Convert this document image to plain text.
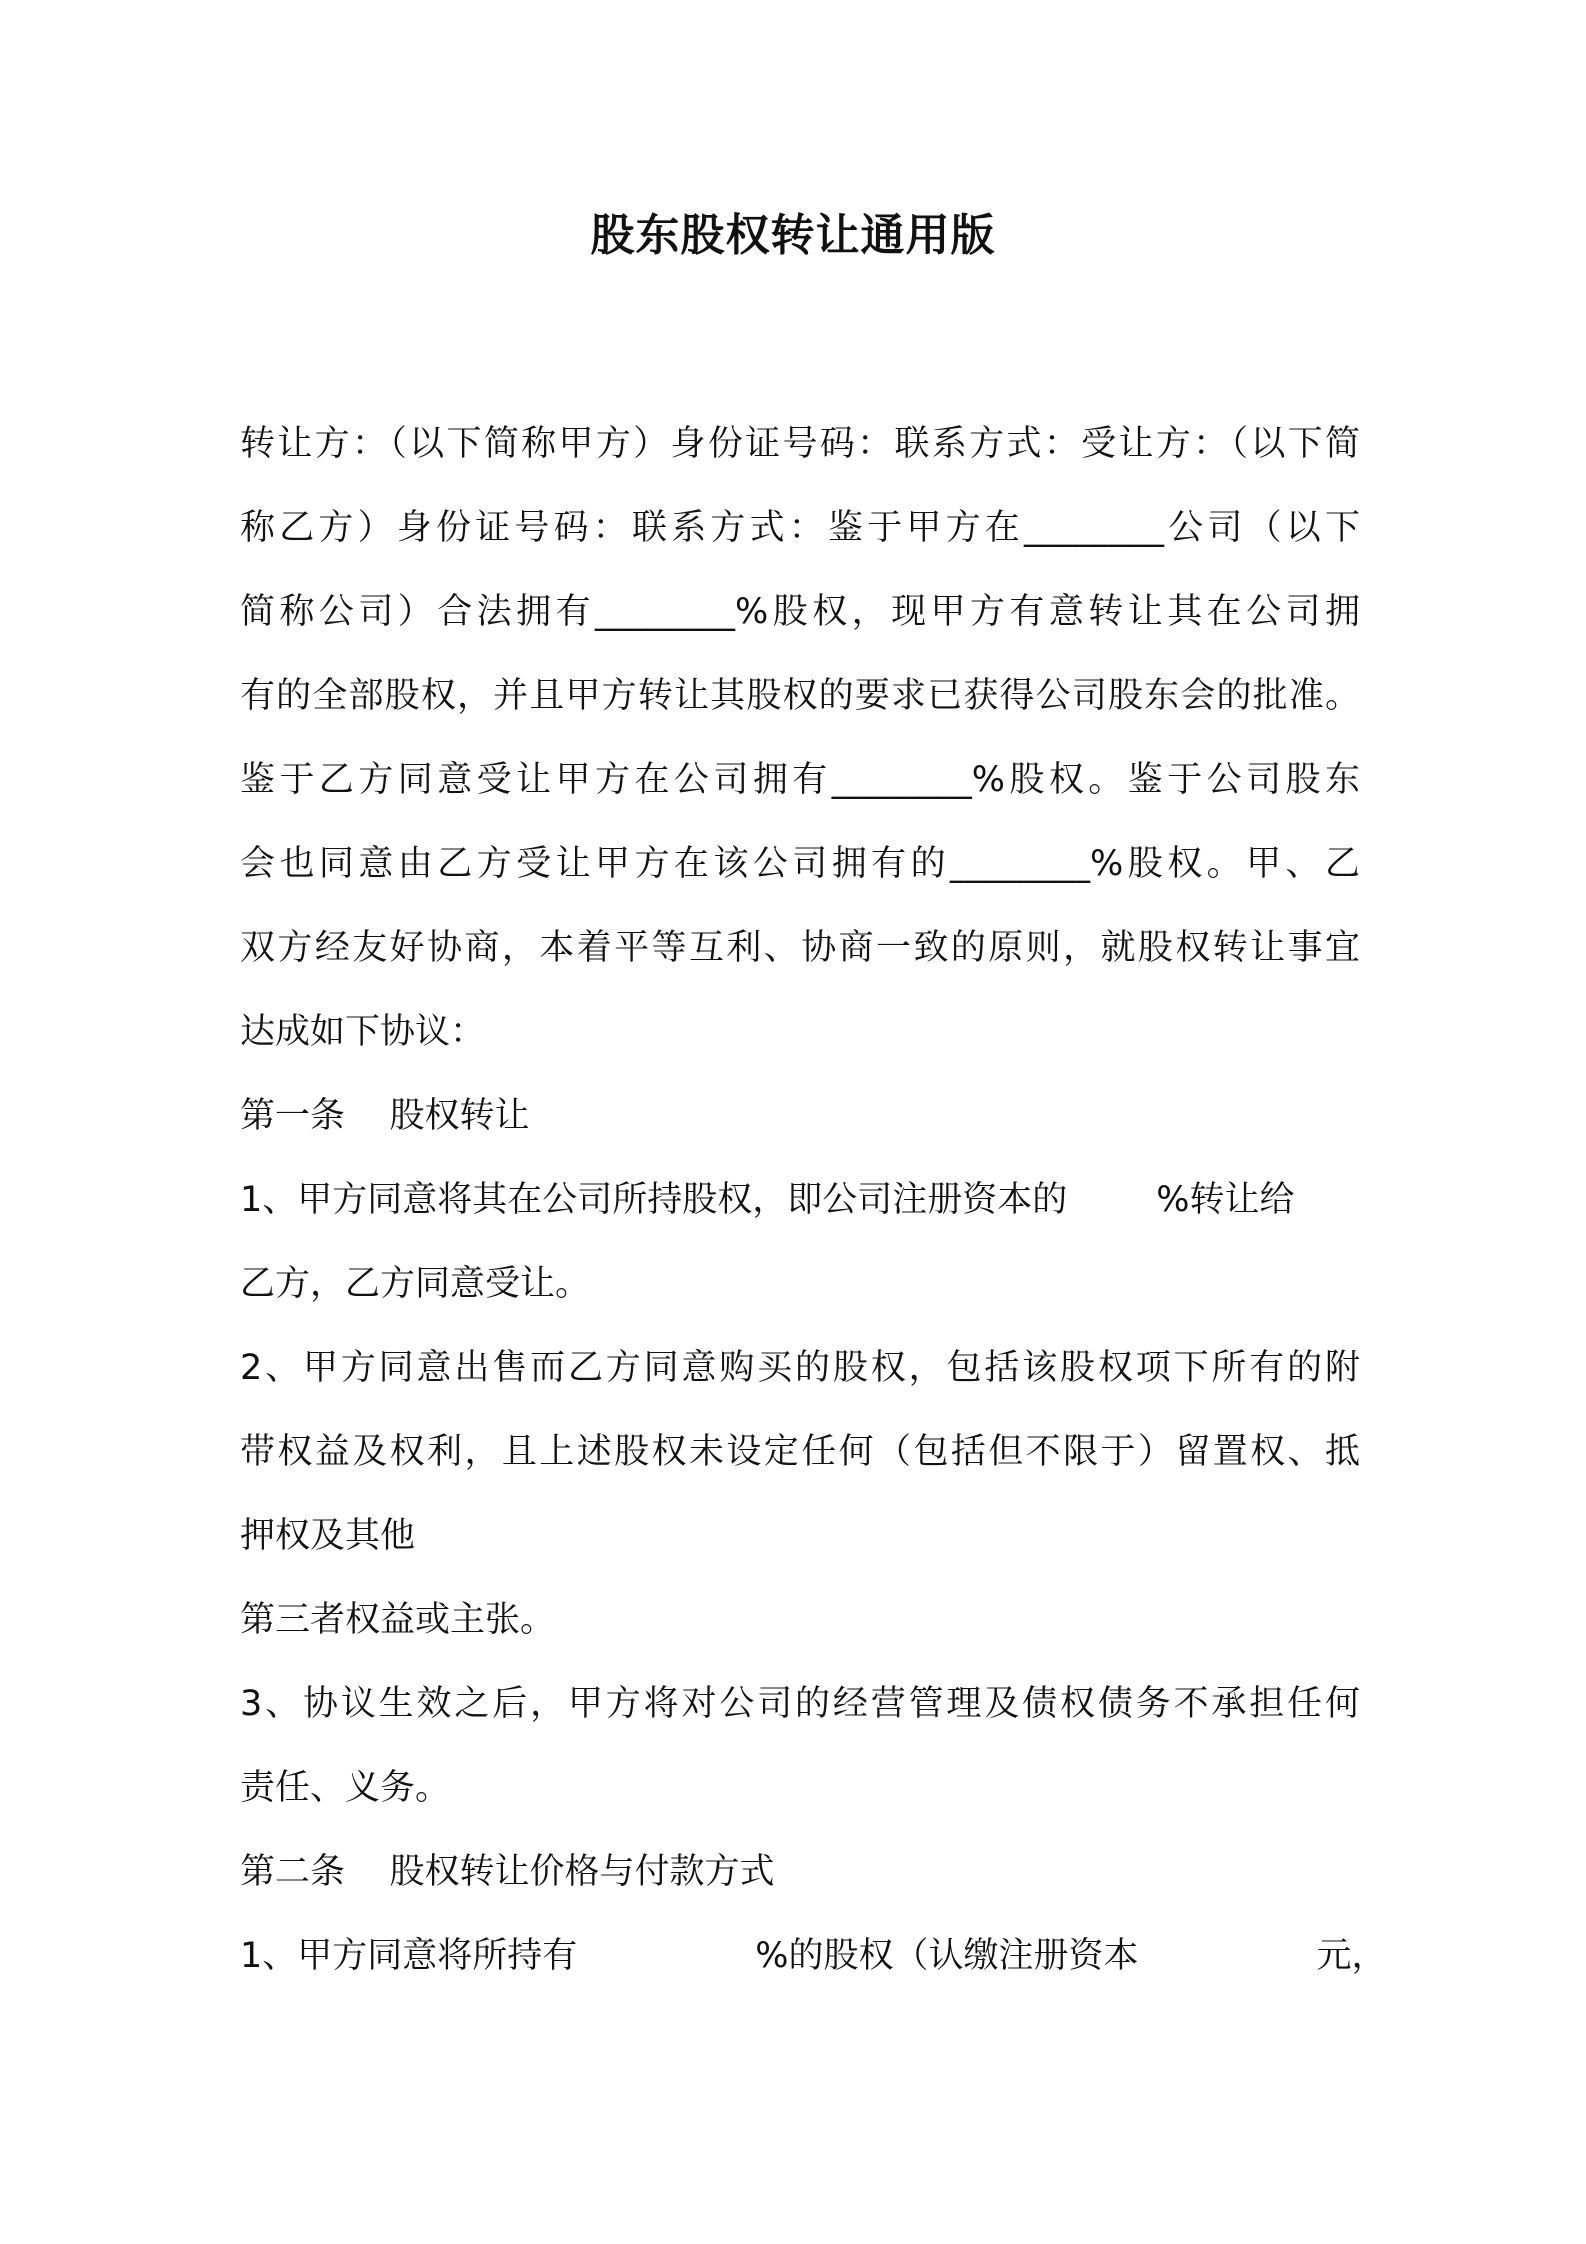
股东股权转让通用版
转让方：（以下简称甲方）身份证号码：联系方式：受让方：（以下简
称乙方）身份证号码：联系方式：鉴于甲方在________公司（以下
简称公司）合法拥有________%股权，现甲方有意转让其在公司拥
有的全部股权，并且甲方转让其股权的要求已获得公司股东会的批准。
鉴于乙方同意受让甲方在公司拥有________%股权。鉴于公司股东
会也同意由乙方受让甲方在该公司拥有的________%股权。甲、乙
双方经友好协商，本着平等互利、协商一致的原则，就股权转让事宜
达成如下协议：
第一条    股权转让
1、甲方同意将其在公司所持股权，即公司注册资本的        %转让给
乙方，乙方同意受让。
2、甲方同意出售而乙方同意购买的股权，包括该股权项下所有的附
带权益及权利，且上述股权未设定任何（包括但不限于）留置权、抵
押权及其他
第三者权益或主张。
3、协议生效之后，甲方将对公司的经营管理及债权债务不承担任何
责任、义务。
第二条    股权转让价格与付款方式
1、甲方同意将所持有                %的股权（认缴注册资本                元，
